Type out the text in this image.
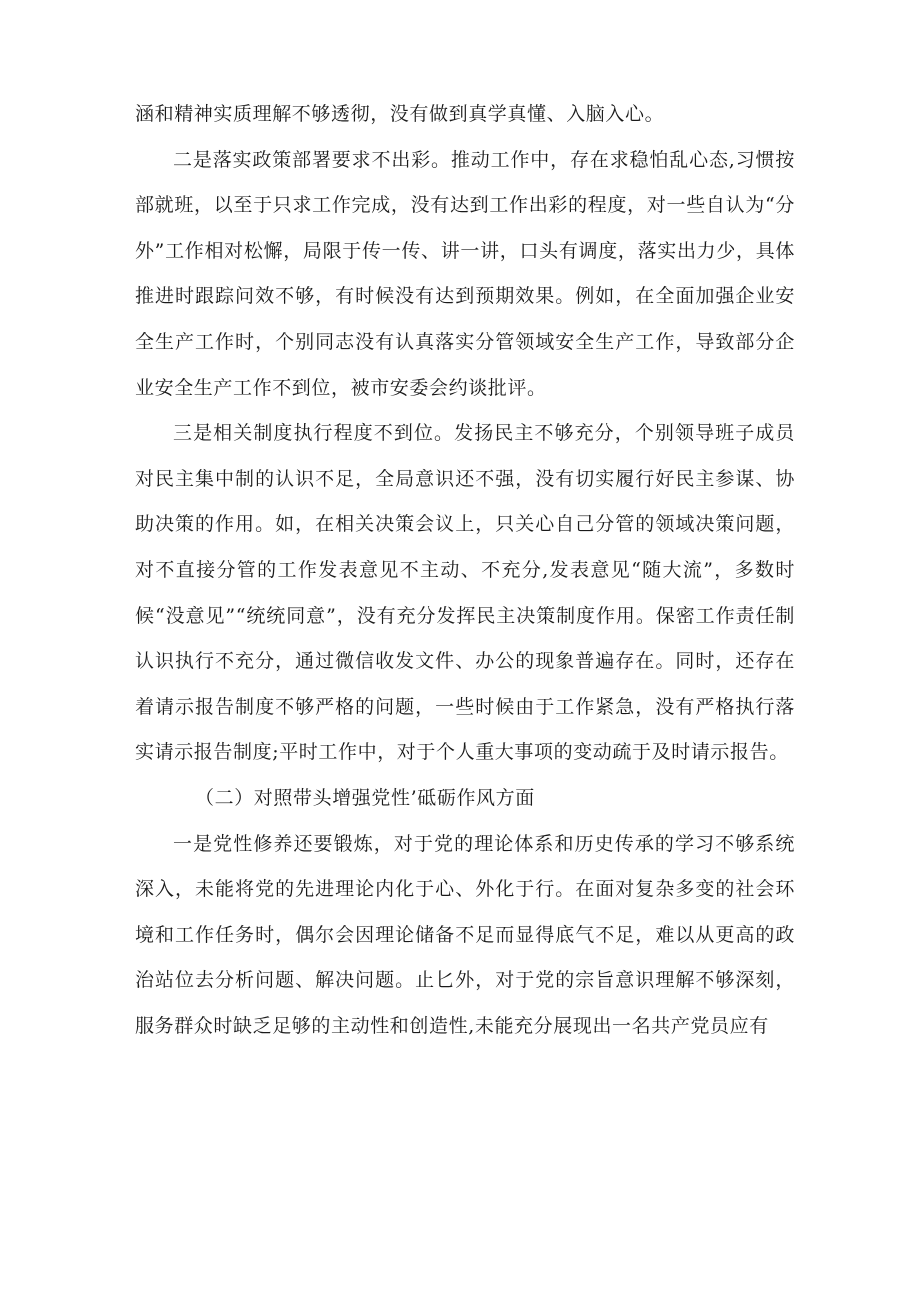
涵和精神实质理解不够透彻，没有做到真学真懂、入脑入心。

二是落实政策部署要求不出彩。推动工作中，存在求稳怕乱心态,习惯按部就班，以至于只求工作完成，没有达到工作出彩的程度，对一些自认为“分外”工作相对松懈，局限于传一传、讲一讲，口头有调度，落实出力少，具体推进时跟踪问效不够，有时候没有达到预期效果。例如，在全面加强企业安全生产工作时，个别同志没有认真落实分管领域安全生产工作，导致部分企业安全生产工作不到位，被市安委会约谈批评。

三是相关制度执行程度不到位。发扬民主不够充分，个别领导班子成员对民主集中制的认识不足，全局意识还不强，没有切实履行好民主参谋、协助决策的作用。如，在相关决策会议上，只关心自己分管的领域决策问题，对不直接分管的工作发表意见不主动、不充分,发表意见“随大流”，多数时候“没意见”“统统同意”，没有充分发挥民主决策制度作用。保密工作责任制认识执行不充分，通过微信收发文件、办公的现象普遍存在。同时，还存在着请示报告制度不够严格的问题，一些时候由于工作紧急，没有严格执行落实请示报告制度;平时工作中，对于个人重大事项的变动疏于及时请示报告。

（二）对照带头增强党性’砥砺作风方面

一是党性修养还要锻炼，对于党的理论体系和历史传承的学习不够系统深入，未能将党的先进理论内化于心、外化于行。在面对复杂多变的社会环境和工作任务时，偶尔会因理论储备不足而显得底气不足，难以从更高的政治站位去分析问题、解决问题。止匕外，对于党的宗旨意识理解不够深刻，服务群众时缺乏足够的主动性和创造性,未能充分展现出一名共产党员应有
